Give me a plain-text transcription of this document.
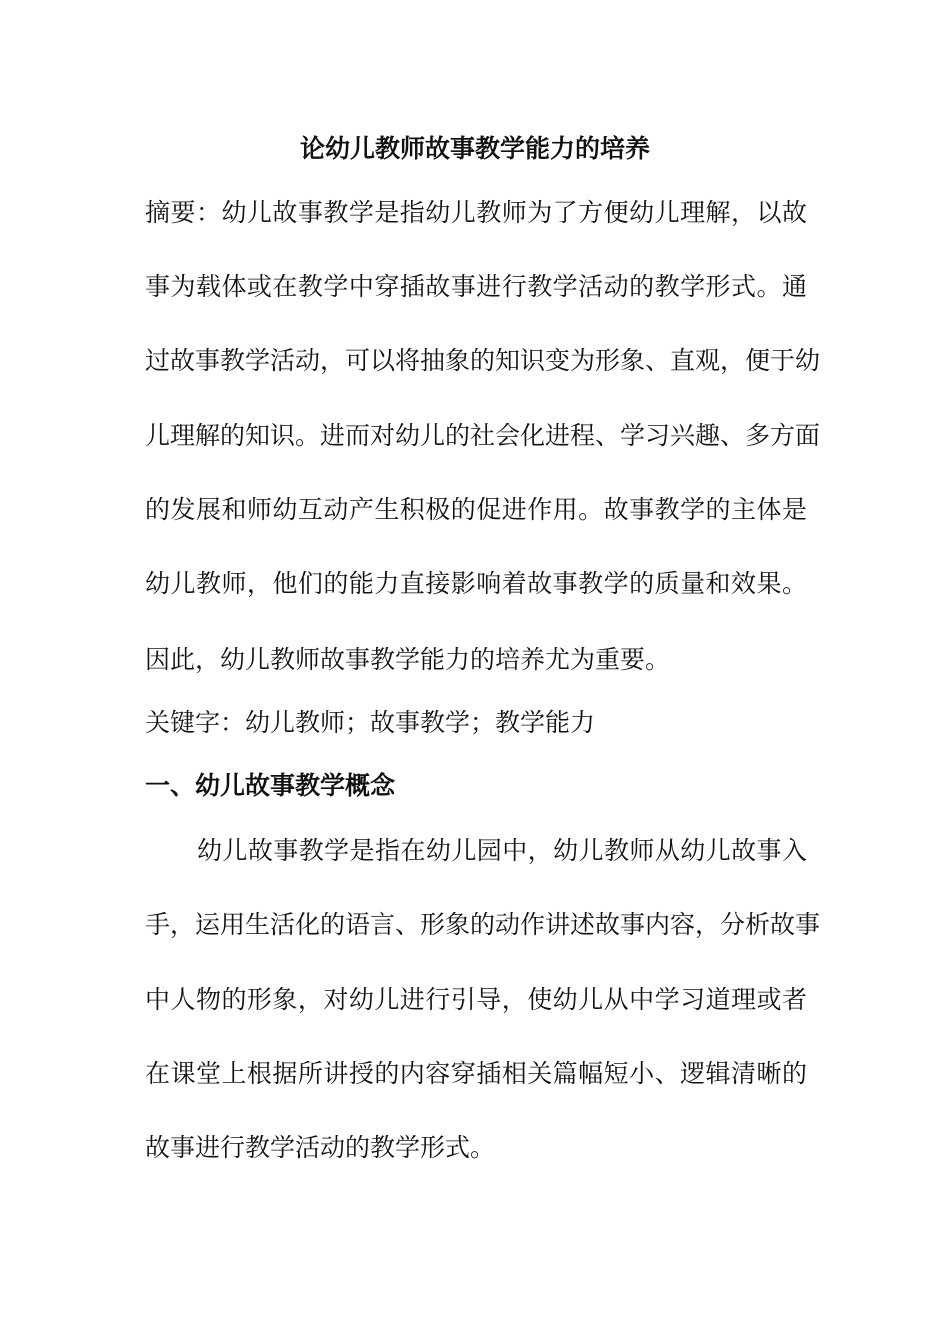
论幼儿教师故事教学能力的培养
摘要：幼儿故事教学是指幼儿教师为了方便幼儿理解，以故
事为载体或在教学中穿插故事进行教学活动的教学形式。通
过故事教学活动，可以将抽象的知识变为形象、直观，便于幼
儿理解的知识。进而对幼儿的社会化进程、学习兴趣、多方面
的发展和师幼互动产生积极的促进作用。故事教学的主体是
幼儿教师，他们的能力直接影响着故事教学的质量和效果。
因此，幼儿教师故事教学能力的培养尤为重要。
关键字：幼儿教师；故事教学；教学能力
一、幼儿故事教学概念
幼儿故事教学是指在幼儿园中，幼儿教师从幼儿故事入
手，运用生活化的语言、形象的动作讲述故事内容，分析故事
中人物的形象，对幼儿进行引导，使幼儿从中学习道理或者
在课堂上根据所讲授的内容穿插相关篇幅短小、逻辑清晰的
故事进行教学活动的教学形式。
